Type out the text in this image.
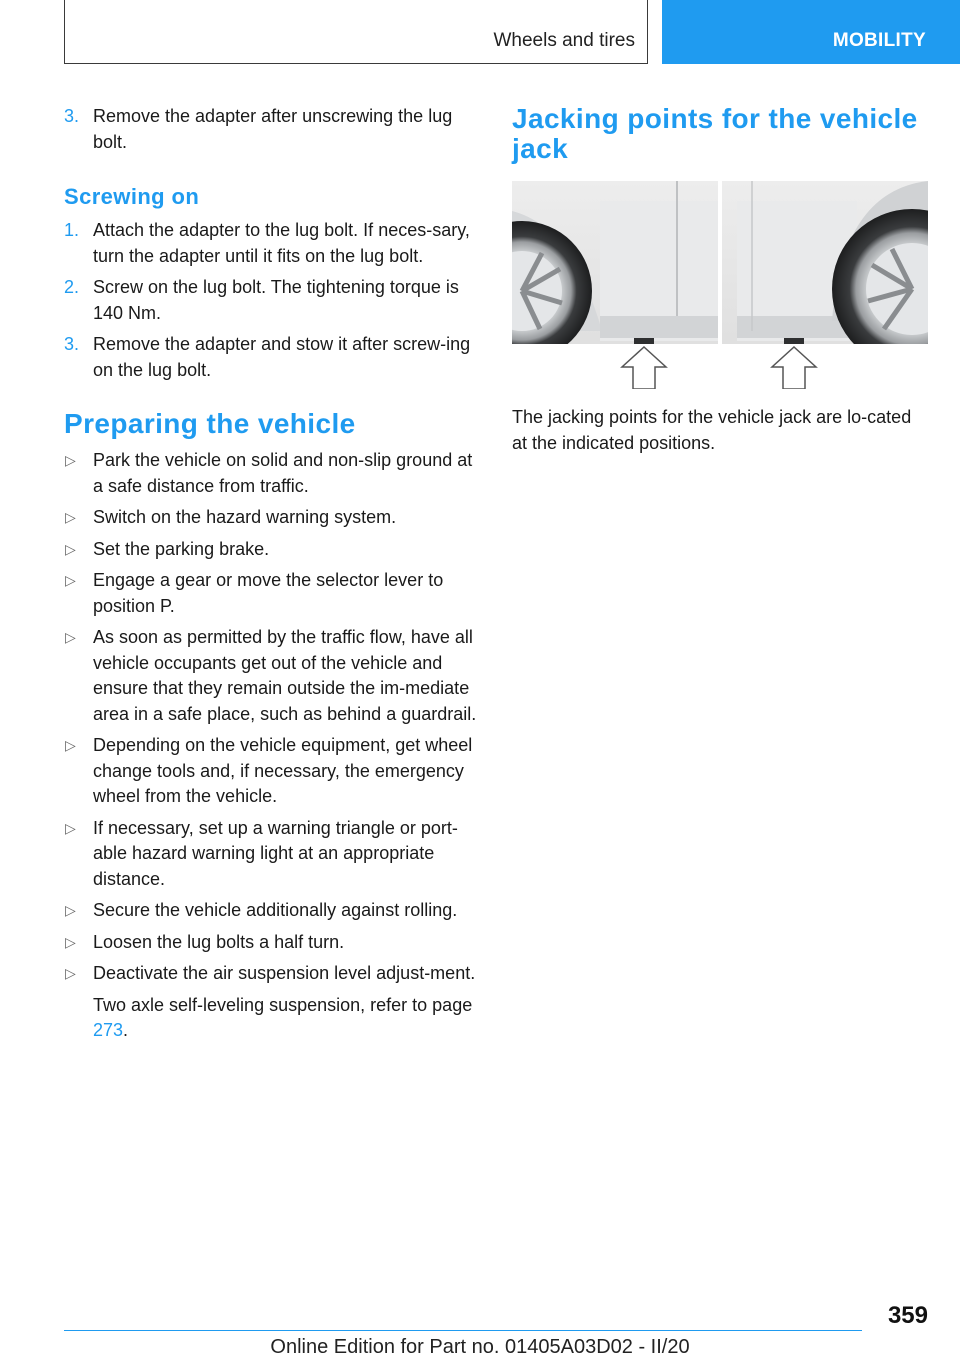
Wheels and tires	MOBILITY
3. Remove the adapter after unscrewing the lug bolt.
Screwing on
1. Attach the adapter to the lug bolt. If neces‐sary, turn the adapter until it fits on the lug bolt.
2. Screw on the lug bolt. The tightening torque is 140 Nm.
3. Remove the adapter and stow it after screw‐ing on the lug bolt.
Preparing the vehicle
▷ Park the vehicle on solid and non-slip ground at a safe distance from traffic.
▷ Switch on the hazard warning system.
▷ Set the parking brake.
▷ Engage a gear or move the selector lever to position P.
▷ As soon as permitted by the traffic flow, have all vehicle occupants get out of the vehicle and ensure that they remain outside the im‐mediate area in a safe place, such as behind a guardrail.
▷ Depending on the vehicle equipment, get wheel change tools and, if necessary, the emergency wheel from the vehicle.
▷ If necessary, set up a warning triangle or port‐able hazard warning light at an appropriate distance.
▷ Secure the vehicle additionally against rolling.
▷ Loosen the lug bolts a half turn.
▷ Deactivate the air suspension level adjust‐ment.
Two axle self-leveling suspension, refer to page 273.
Jacking points for the vehicle jack
The jacking points for the vehicle jack are lo‐cated at the indicated positions.
359
Online Edition for Part no. 01405A03D02 - II/20
